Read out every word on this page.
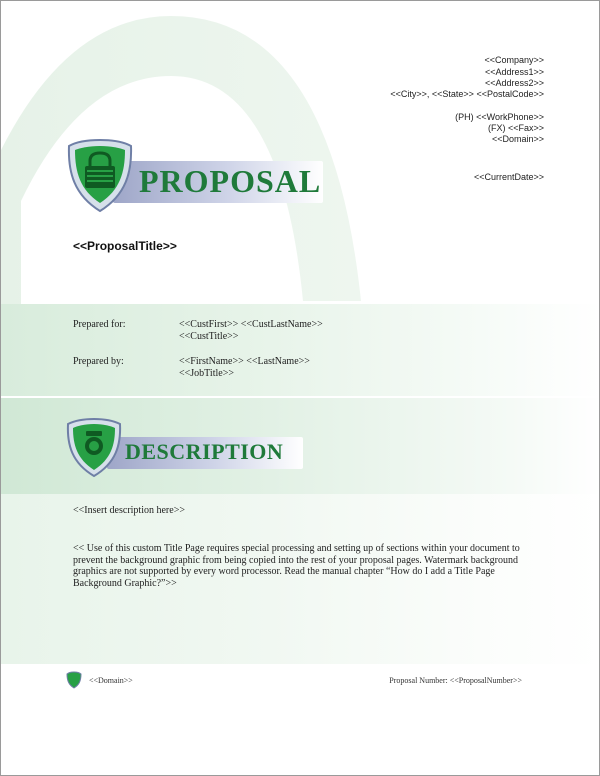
<<Company>>
<<Address1>>
<<Address2>>
<<City>>, <<State>> <<PostalCode>>
(PH) <<WorkPhone>>
(FX) <<Fax>>
<<Domain>>
<<CurrentDate>>
PROPOSAL
<<ProposalTitle>>
Prepared for:	<<CustFirst>> <<CustLastName>>
<<CustTitle>>
Prepared by:	<<FirstName>> <<LastName>>
<<JobTitle>>
DESCRIPTION
<<Insert description here>>
<< Use of this custom Title Page requires special processing and setting up of sections within your document to prevent the background graphic from being copied into the rest of your proposal pages. Watermark background graphics are not supported by every word processor. Read the manual chapter “How do I add a Title Page Background Graphic?”>>
<<Domain>>	Proposal Number: <<ProposalNumber>>
